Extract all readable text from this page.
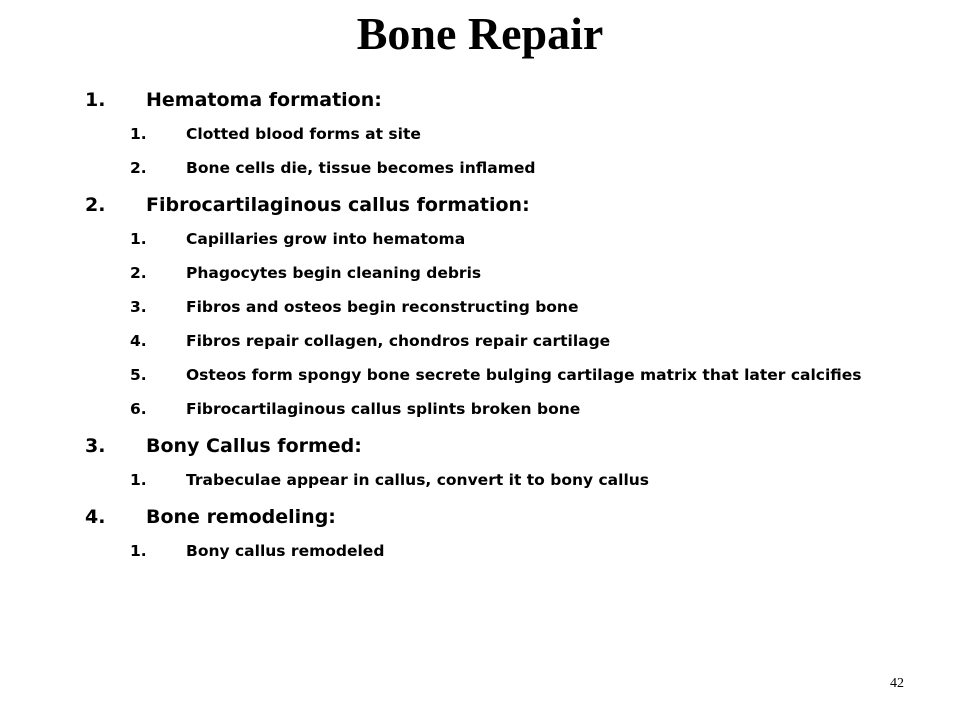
Bone Repair
1. Hematoma formation:
1.	Clotted blood forms at site
2.	Bone cells die, tissue becomes inflamed
2. Fibrocartilaginous callus formation:
1.	Capillaries grow into hematoma
2.	Phagocytes begin cleaning debris
3.	Fibros and osteos begin reconstructing bone
4.	Fibros repair collagen, chondros repair cartilage
5.	Osteos form spongy bone secrete bulging cartilage matrix that later calcifies
6.	Fibrocartilaginous callus splints broken bone
3. Bony Callus formed:
1.	Trabeculae appear in callus, convert it to bony callus
4. Bone remodeling:
1.	Bony callus remodeled
42
